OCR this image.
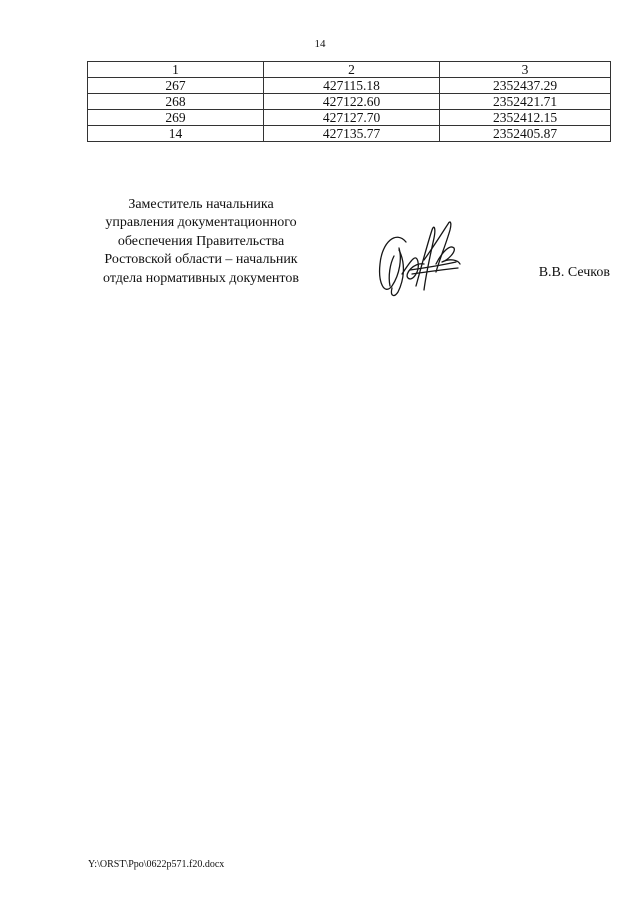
14
1	2	3
267	427115.18	2352437.29
268	427122.60	2352421.71
269	427127.70	2352412.15
14	427135.77	2352405.87
Заместитель начальника
управления документационного
обеспечения Правительства
Ростовской области – начальник
отдела нормативных документов	В.В. Сечков
Y:\ORST\Ppo\0622p571.f20.docx
